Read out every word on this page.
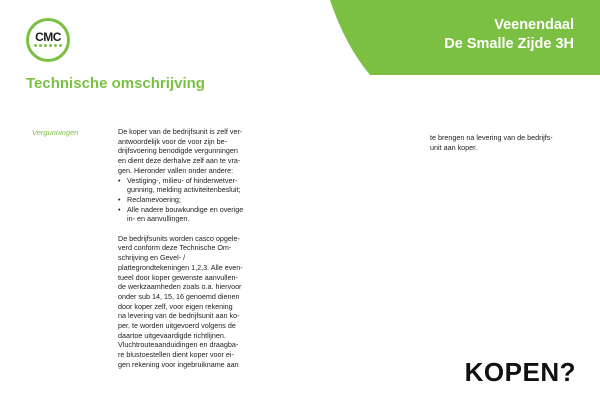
Veenendaal
De Smalle Zijde 3H
CMC
Technische omschrijving
Vergunningen	De koper van de bedrijfsunit is zelf ver-
antwoordelijk voor de voor zijn be-
drijfsvoering benodigde vergunningen
en dient deze derhalve zelf aan te vra-
gen. Hieronder vallen onder andere:

• Vestiging-, milieu- of hinderwetver-
gunning, melding activiteitenbesluit;
• Reclamevoering;
• Alle nadere bouwkundige en overige
in- en aanvullingen.

De bedrijfsunits worden casco opgele-
verd conform deze Technische Om-
schrijving en Gevel- /
plattegrondtekeningen 1,2,3. Alle even-
tueel door koper gewenste aanvullen-
de werkzaamheden zoals o.a. hiervoor
onder sub 14, 15, 16 genoemd dienen
door koper zelf, voor eigen rekening
na levering van de bedrijfsunit aan ko-
per, te worden uitgevoerd volgens de
daartoe uitgevaardigde richtlijnen.
Vluchtrouteaanduidingen en draagba-
re blustoestellen dient koper voor ei-
gen rekening voor ingebruikname aan

te brengen na levering van de bedrijfs-
unit aan koper.
KOPEN?
